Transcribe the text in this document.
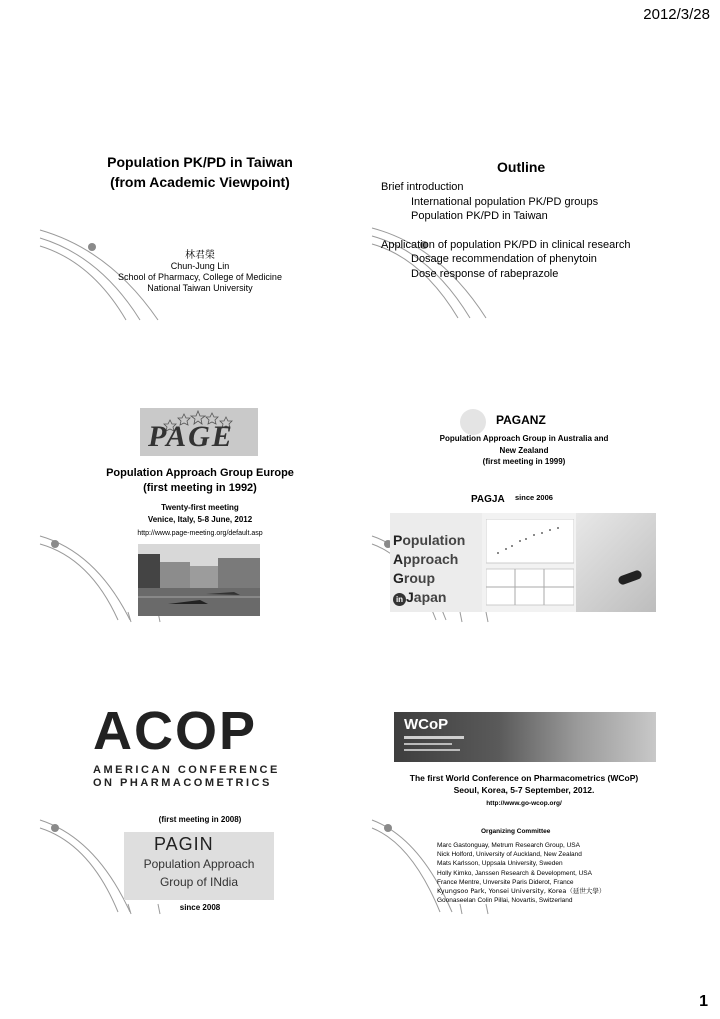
2012/3/28
1
Population PK/PD in Taiwan
(from Academic Viewpoint)
林君榮
Chun-Jung Lin
School of Pharmacy, College of Medicine
National Taiwan University
Outline
Brief introduction
International population PK/PD groups
Population PK/PD in Taiwan
Application of population PK/PD in clinical research
Dosage recommendation of phenytoin
Dose response of rabeprazole
PAGE
Population Approach Group Europe
(first meeting in 1992)
Twenty-first meeting
Venice, Italy, 5-8 June, 2012
http://www.page-meeting.org/default.asp
PAGANZ
Population Approach Group in Australia and
New Zealand
(first meeting in 1999)
PAGJA since 2006
Population
Approach
Group
in Japan
ACOP
AMERICAN CONFERENCE
ON PHARMACOMETRICS
(first meeting in 2008)
PAGIN
Population Approach
Group of INdia
since 2008
WCoP
The first World Conference on Pharmacometrics (WCoP)
Seoul, Korea, 5-7 September, 2012.
http://www.go-wcop.org/
Organizing Committee
Marc Gastonguay, Metrum Research Group, USA
Nick Holford, University of Auckland, New Zealand
Mats Karlsson, Uppsala University, Sweden
Holly Kimko, Janssen Research & Development, USA
France Mentre, Unversite Paris Diderot, France
Kyungsoo Park, Yonsei University, Korea（延世大學）
Goonaseelan Colin Pillai, Novartis, Switzerland
